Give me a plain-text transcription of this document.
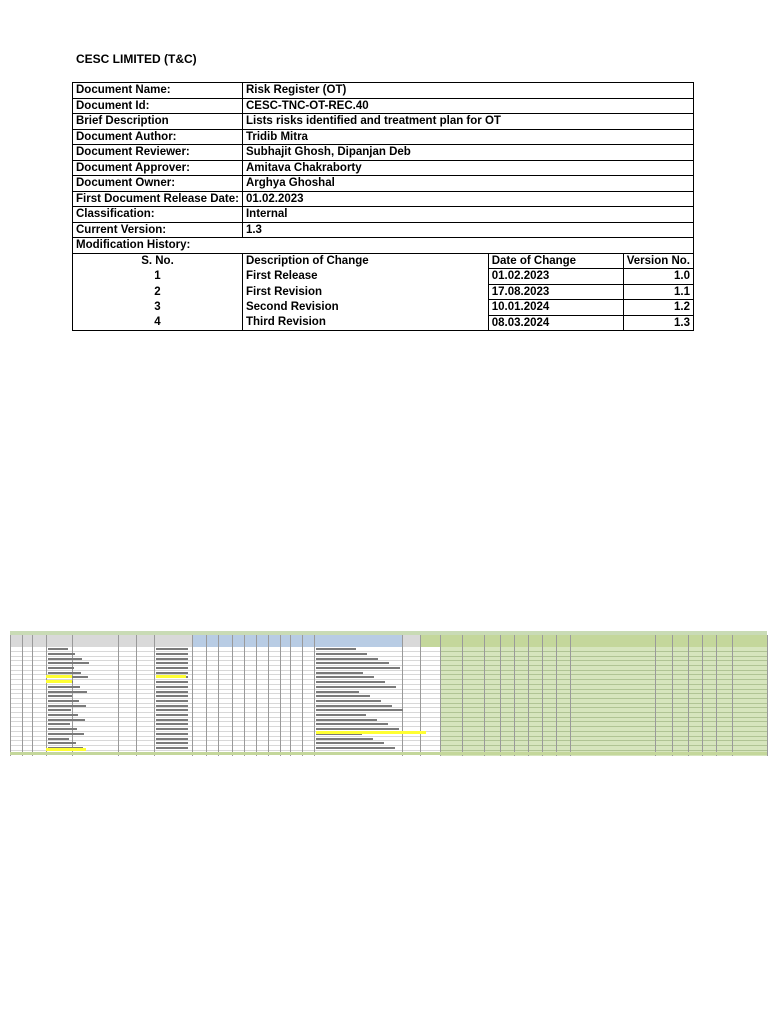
CESC LIMITED (T&C)
Document Name:	Risk Register (OT)		
Document Id:	CESC-TNC-OT-REC.40		
Brief Description	Lists risks identified and treatment plan for OT		
Document Author:	Tridib Mitra		
Document Reviewer:	Subhajit Ghosh, Dipanjan Deb		
Document Approver:	Amitava Chakraborty		
Document Owner:	Arghya Ghoshal		
First Document Release Date:	01.02.2023		
Classification:	Internal		
Current Version:	1.3		
Modification History:			
S. No.	Description of Change	Date of Change	Version No.
1	First Release	01.02.2023	1.0
2	First Revision	17.08.2023	1.1
3	Second Revision	10.01.2024	1.2
4	Third Revision	08.03.2024	1.3
